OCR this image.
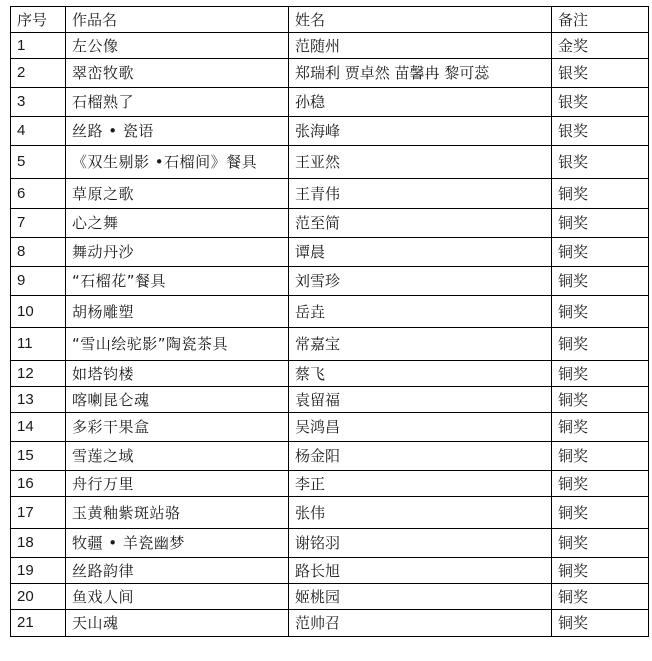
序号	作品名	姓名	备注
1	左公像	范随州	金奖
2	翠峦牧歌	郑瑞利 贾卓然 苗馨冉 黎可蕊	银奖
3	石榴熟了	孙稳	银奖
4	丝路 • 瓷语	张海峰	银奖
5	《双生剔影 •石榴间》餐具	王亚然	银奖
6	草原之歌	王青伟	铜奖
7	心之舞	范至简	铜奖
8	舞动丹沙	谭晨	铜奖
9	“石榴花”餐具	刘雪珍	铜奖
10	胡杨雕塑	岳垚	铜奖
11	“雪山绘驼影”陶瓷茶具	常嘉宝	铜奖
12	如塔钧楼	蔡飞	铜奖
13	喀喇昆仑魂	袁留福	铜奖
14	多彩干果盒	吴鸿昌	铜奖
15	雪莲之域	杨金阳	铜奖
16	舟行万里	李正	铜奖
17	玉黄釉紫斑站骆	张伟	铜奖
18	牧疆 • 羊瓷幽梦	谢铭羽	铜奖
19	丝路韵律	路长旭	铜奖
20	鱼戏人间	姬桃园	铜奖
21	天山魂	范帅召	铜奖
